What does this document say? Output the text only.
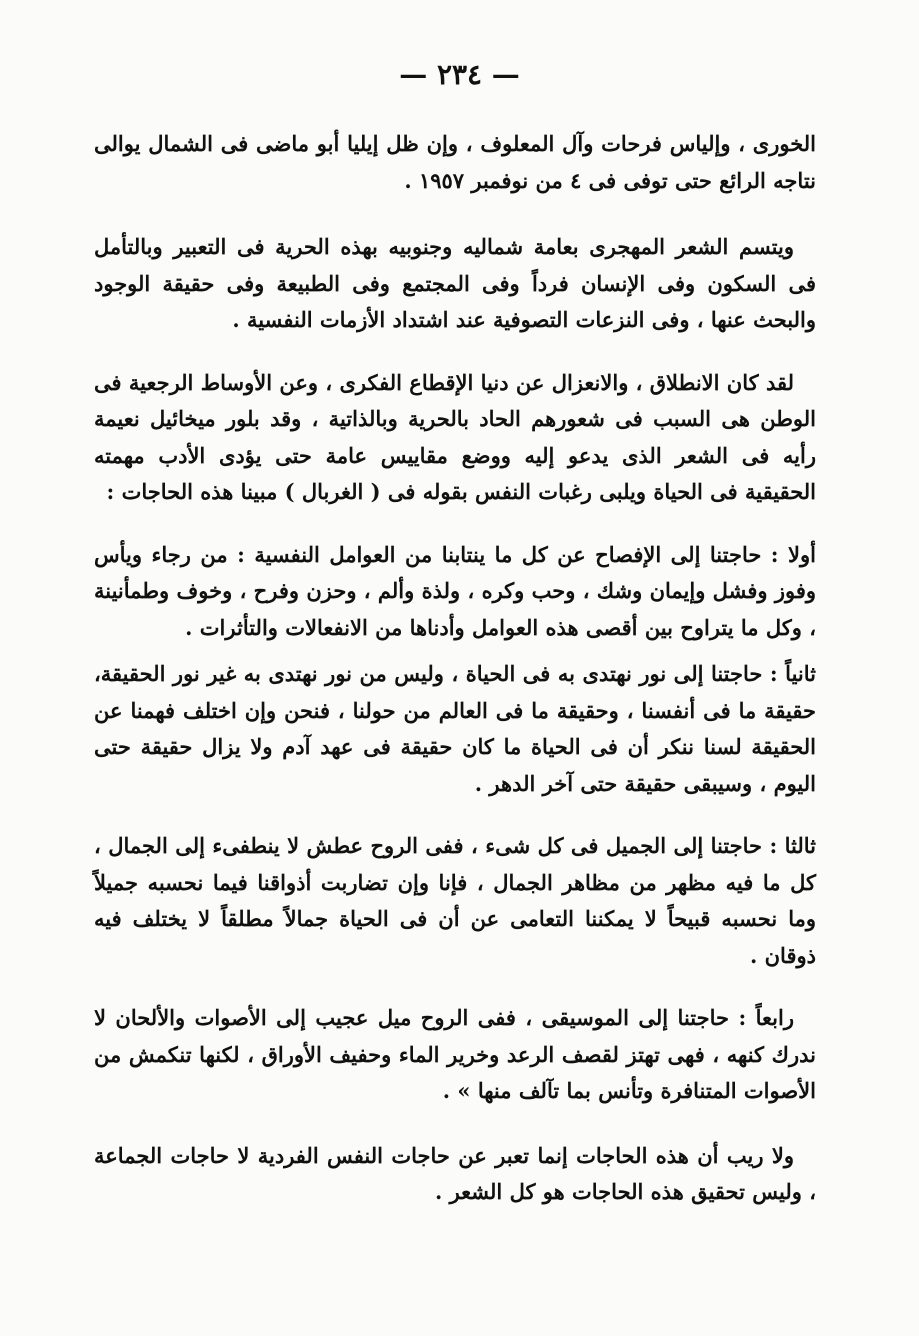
— ٢٣٤ —

الخورى ، وإلياس فرحات وآل المعلوف ، وإن ظل إيليا أبو ماضى فى الشمال يوالى نتاجه الرائع حتى توفى فى ٤ من نوفمبر ١٩٥٧ .

ويتسم الشعر المهجرى بعامة شماليه وجنوبيه بهذه الحرية فى التعبير وبالتأمل فى السكون وفى الإنسان فرداً وفى المجتمع وفى الطبيعة وفى حقيقة الوجود والبحث عنها ، وفى النزعات التصوفية عند اشتداد الأزمات النفسية .

لقد كان الانطلاق ، والانعزال عن دنيا الإقطاع الفكرى ، وعن الأوساط الرجعية فى الوطن هى السبب فى شعورهم الحاد بالحرية وبالذاتية ، وقد بلور ميخائيل نعيمة رأيه فى الشعر الذى يدعو إليه ووضع مقاييس عامة حتى يؤدى الأدب مهمته الحقيقية فى الحياة ويلبى رغبات النفس بقوله فى ( الغربال ) مبينا هذه الحاجات :

أولا : حاجتنا إلى الإفصاح عن كل ما ينتابنا من العوامل النفسية : من رجاء ويأس وفوز وفشل وإيمان وشك ، وحب وكره ، ولذة وألم ، وحزن وفرح ، وخوف وطمأنينة ، وكل ما يتراوح بين أقصى هذه العوامل وأدناها من الانفعالات والتأثرات .

ثانياً : حاجتنا إلى نور نهتدى به فى الحياة ، وليس من نور نهتدى به غير نور الحقيقة، حقيقة ما فى أنفسنا ، وحقيقة ما فى العالم من حولنا ، فنحن وإن اختلف فهمنا عن الحقيقة لسنا ننكر أن فى الحياة ما كان حقيقة فى عهد آدم ولا يزال حقيقة حتى اليوم ، وسيبقى حقيقة حتى آخر الدهر .

ثالثا : حاجتنا إلى الجميل فى كل شىء ، ففى الروح عطش لا ينطفىء إلى الجمال ، كل ما فيه مظهر من مظاهر الجمال ، فإنا وإن تضاربت أذواقنا فيما نحسبه جميلاً وما نحسبه قبيحاً لا يمكننا التعامى عن أن فى الحياة جمالاً مطلقاً لا يختلف فيه ذوقان .

رابعاً : حاجتنا إلى الموسيقى ، ففى الروح ميل عجيب إلى الأصوات والألحان لا ندرك كنهه ، فهى تهتز لقصف الرعد وخرير الماء وحفيف الأوراق ، لكنها تنكمش من الأصوات المتنافرة وتأنس بما تآلف منها » .

ولا ريب أن هذه الحاجات إنما تعبر عن حاجات النفس الفردية لا حاجات الجماعة ، وليس تحقيق هذه الحاجات هو كل الشعر .
